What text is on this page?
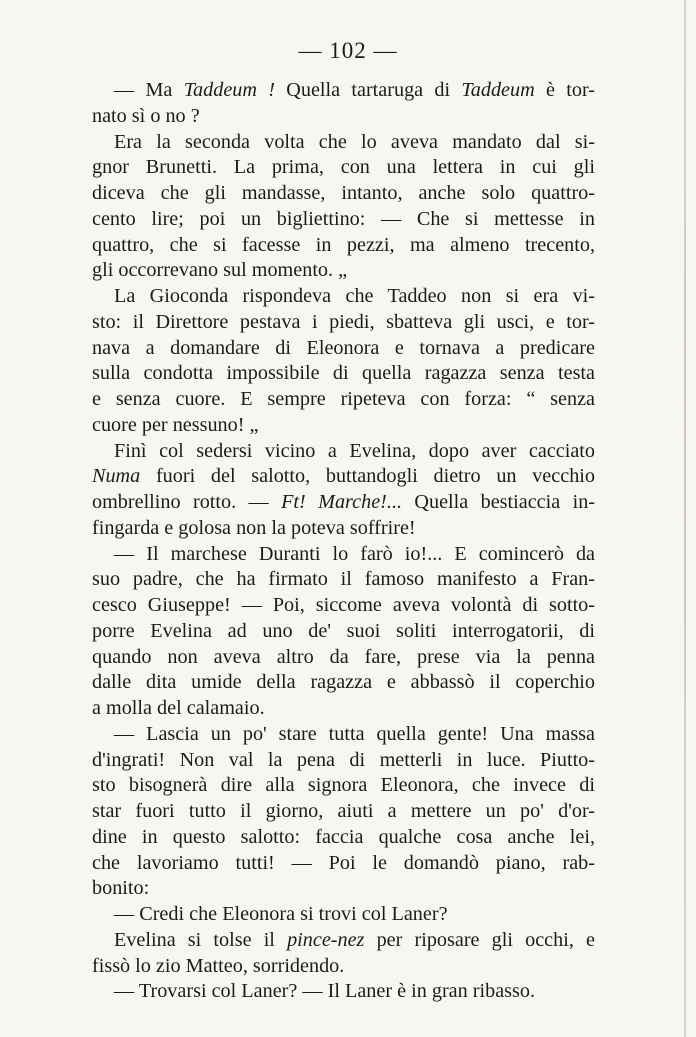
— 102 —
— Ma Taddeum ! Quella tartaruga di Taddeum è tor-
nato sì o no ?
Era la seconda volta che lo aveva mandato dal si-
gnor Brunetti. La prima, con una lettera in cui gli
diceva che gli mandasse, intanto, anche solo quattro-
cento lire; poi un bigliettino: — Che si mettesse in
quattro, che si facesse in pezzi, ma almeno trecento,
gli occorrevano sul momento. „
La Gioconda rispondeva che Taddeo non si era vi-
sto: il Direttore pestava i piedi, sbatteva gli usci, e tor-
nava a domandare di Eleonora e tornava a predicare
sulla condotta impossibile di quella ragazza senza testa
e senza cuore. E sempre ripeteva con forza: “ senza
cuore per nessuno! „
Finì col sedersi vicino a Evelina, dopo aver cacciato
Numa fuori del salotto, buttandogli dietro un vecchio
ombrellino rotto. — Ft! Marche!... Quella bestiaccia in-
fingarda e golosa non la poteva soffrire!
— Il marchese Duranti lo farò io!... E comincerò da
suo padre, che ha firmato il famoso manifesto a Fran-
cesco Giuseppe! — Poi, siccome aveva volontà di sotto-
porre Evelina ad uno de' suoi soliti interrogatorii, di
quando non aveva altro da fare, prese via la penna
dalle dita umide della ragazza e abbassò il coperchio
a molla del calamaio.
— Lascia un po' stare tutta quella gente! Una massa
d'ingrati! Non val la pena di metterli in luce. Piutto-
sto bisognerà dire alla signora Eleonora, che invece di
star fuori tutto il giorno, aiuti a mettere un po' d'or-
dine in questo salotto: faccia qualche cosa anche lei,
che lavoriamo tutti! — Poi le domandò piano, rab-
bonito:
— Credi che Eleonora si trovi col Laner?
Evelina si tolse il pince-nez per riposare gli occhi, e
fissò lo zio Matteo, sorridendo.
— Trovarsi col Laner? — Il Laner è in gran ribasso.
